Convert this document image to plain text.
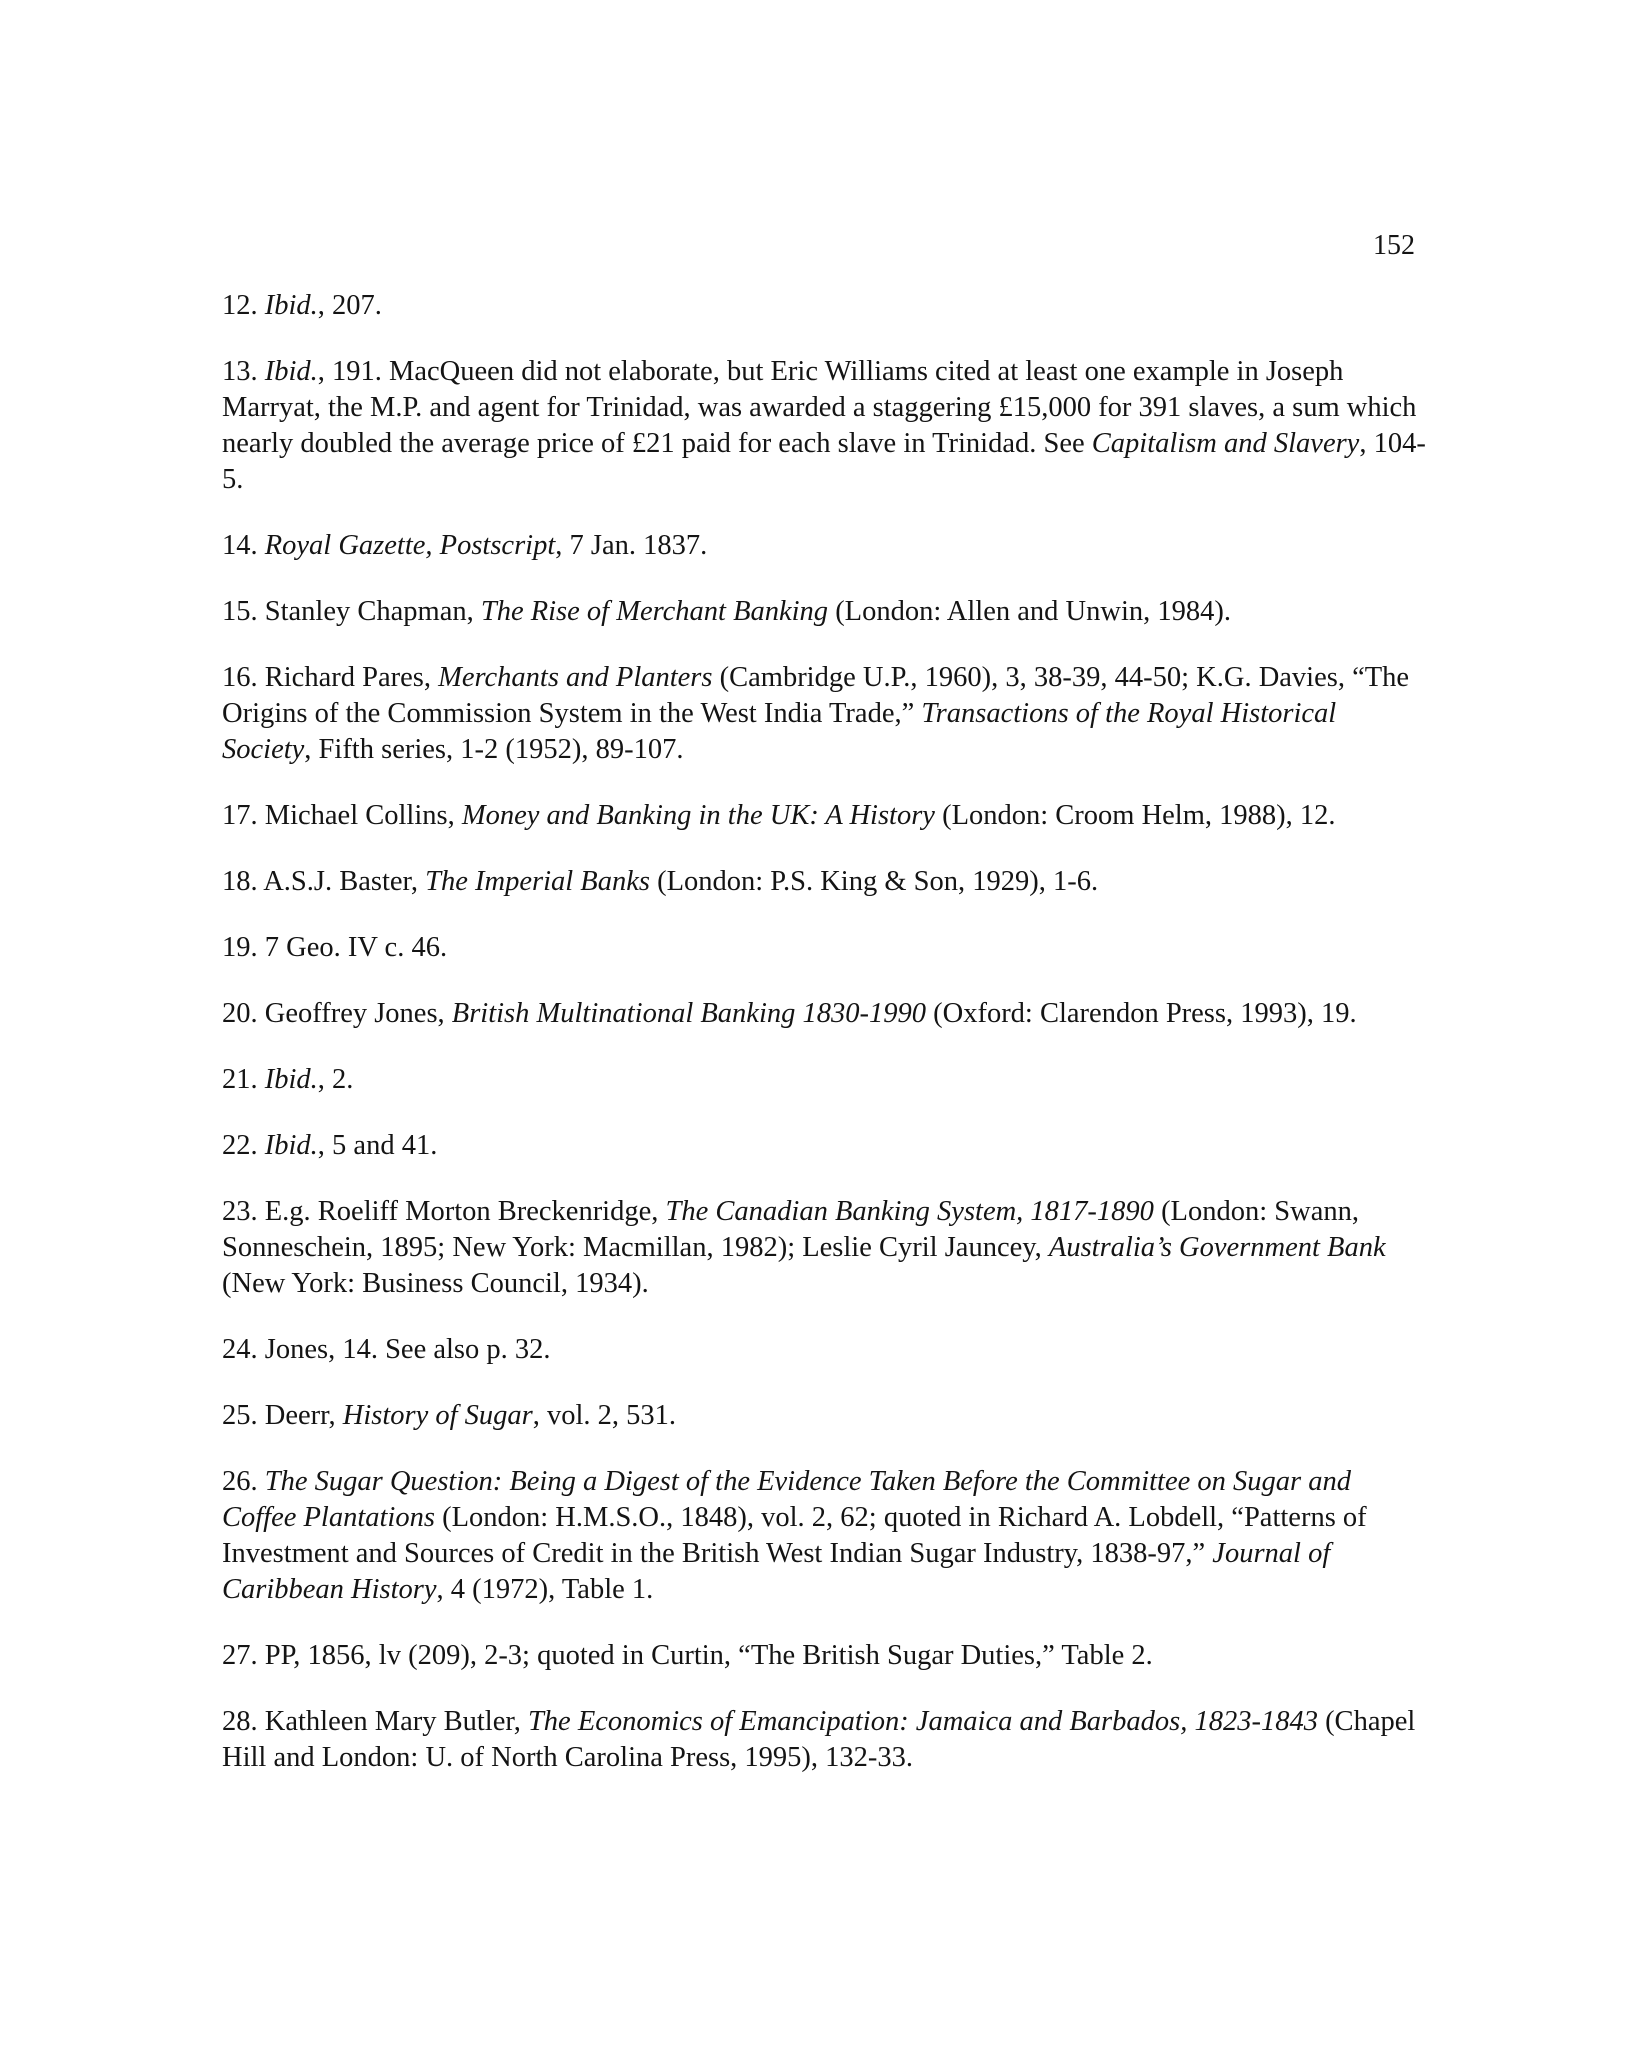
152
12. Ibid., 207.
13. Ibid., 191. MacQueen did not elaborate, but Eric Williams cited at least one example in Joseph Marryat, the M.P. and agent for Trinidad, was awarded a staggering £15,000 for 391 slaves, a sum which nearly doubled the average price of £21 paid for each slave in Trinidad. See Capitalism and Slavery, 104-5.
14. Royal Gazette, Postscript, 7 Jan. 1837.
15. Stanley Chapman, The Rise of Merchant Banking (London: Allen and Unwin, 1984).
16. Richard Pares, Merchants and Planters (Cambridge U.P., 1960), 3, 38-39, 44-50; K.G. Davies, “The Origins of the Commission System in the West India Trade,” Transactions of the Royal Historical Society, Fifth series, 1-2 (1952), 89-107.
17. Michael Collins, Money and Banking in the UK: A History (London: Croom Helm, 1988), 12.
18. A.S.J. Baster, The Imperial Banks (London: P.S. King & Son, 1929), 1-6.
19. 7 Geo. IV c. 46.
20. Geoffrey Jones, British Multinational Banking 1830-1990 (Oxford: Clarendon Press, 1993), 19.
21. Ibid., 2.
22. Ibid., 5 and 41.
23. E.g. Roeliff Morton Breckenridge, The Canadian Banking System, 1817-1890 (London: Swann, Sonneschein, 1895; New York: Macmillan, 1982); Leslie Cyril Jauncey, Australia’s Government Bank (New York: Business Council, 1934).
24. Jones, 14. See also p. 32.
25. Deerr, History of Sugar, vol. 2, 531.
26. The Sugar Question: Being a Digest of the Evidence Taken Before the Committee on Sugar and Coffee Plantations (London: H.M.S.O., 1848), vol. 2, 62; quoted in Richard A. Lobdell, “Patterns of Investment and Sources of Credit in the British West Indian Sugar Industry, 1838-97,” Journal of Caribbean History, 4 (1972), Table 1.
27. PP, 1856, lv (209), 2-3; quoted in Curtin, “The British Sugar Duties,” Table 2.
28. Kathleen Mary Butler, The Economics of Emancipation: Jamaica and Barbados, 1823-1843 (Chapel Hill and London: U. of North Carolina Press, 1995), 132-33.
